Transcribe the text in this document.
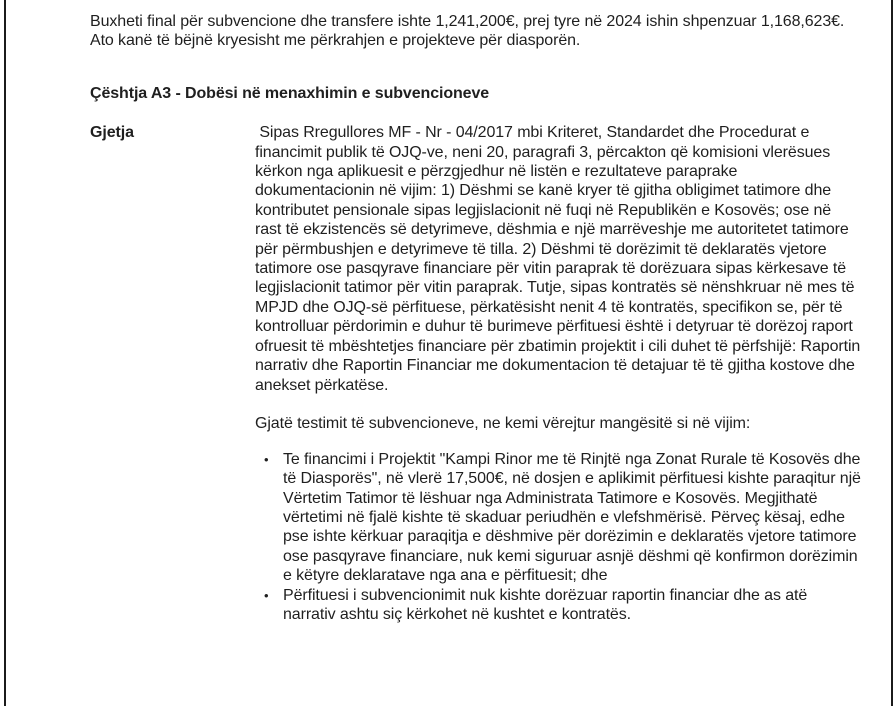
Buxheti final për subvencione dhe transfere ishte 1,241,200€, prej tyre në 2024 ishin shpenzuar 1,168,623€. Ato kanë të bëjnë kryesisht me përkrahjen e projekteve për diasporën.

Çështja A3 - Dobësi në menaxhimin e subvencioneve
Gjetja	Sipas Rregullores MF - Nr - 04/2017 mbi Kriteret, Standardet dhe Procedurat e financimit publik të OJQ-ve, neni 20, paragrafi 3, përcakton që komisioni vlerësues kërkon nga aplikuesit e përzgjedhur në listën e rezultateve paraprake dokumentacionin në vijim: 1) Dëshmi se kanë kryer të gjitha obligimet tatimore dhe kontributet pensionale sipas legjislacionit në fuqi në Republikën e Kosovës; ose në rast të ekzistencës së detyrimeve, dëshmia e një marrëveshje me autoritetet tatimore për përmbushjen e detyrimeve të tilla. 2) Dëshmi të dorëzimit të deklaratës vjetore tatimore ose pasqyrave financiare për vitin paraprak të dorëzuara sipas kërkesave të legjislacionit tatimor për vitin paraprak. Tutje, sipas kontratës së nënshkruar në mes të MPJD dhe OJQ-së përfituese, përkatësisht nenit 4 të kontratës, specifikon se, për të kontrolluar përdorimin e duhur të burimeve përfituesi është i detyruar të dorëzoj raport ofruesit të mbështetjes financiare për zbatimin projektit i cili duhet të përfshijë: Raportin narrativ dhe Raportin Financiar me dokumentacion të detajuar të të gjitha kostove dhe anekset përkatëse.

Gjatë testimit të subvencioneve, ne kemi vërejtur mangësitë si në vijim:

• Te financimi i Projektit "Kampi Rinor me të Rinjtë nga Zonat Rurale të Kosovës dhe të Diasporës", në vlerë 17,500€, në dosjen e aplikimit përfituesi kishte paraqitur një Vërtetim Tatimor të lëshuar nga Administrata Tatimore e Kosovës. Megjithatë vërtetimi në fjalë kishte të skaduar periudhën e vlefshmërisë. Përveç kësaj, edhe pse ishte kërkuar paraqitja e dëshmive për dorëzimin e deklaratës vjetore tatimore ose pasqyrave financiare, nuk kemi siguruar asnjë dëshmi që konfirmon dorëzimin e këtyre deklaratave nga ana e përfituesit; dhe
• Përfituesi i subvencionimit nuk kishte dorëzuar raportin financiar dhe as atë narrativ ashtu siç kërkohet në kushtet e kontratës.
